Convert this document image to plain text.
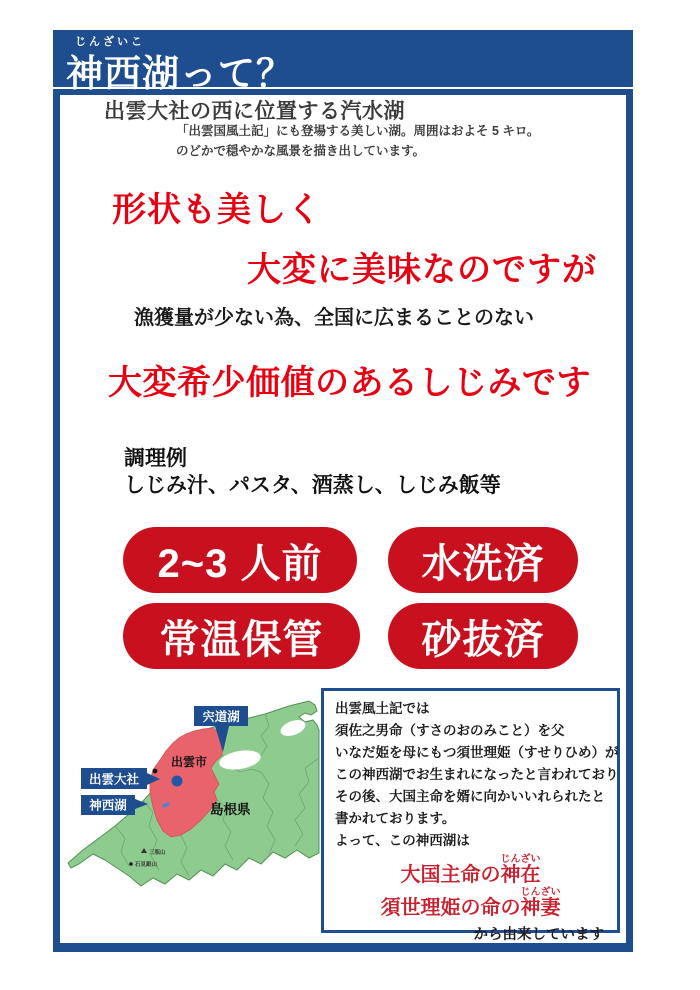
じんざいこ
神西湖って？
出雲大社の西に位置する汽水湖
「出雲国風土記」にも登場する美しい湖。周囲はおよそ 5 キロ。
のどかで穏やかな風景を描き出しています。
形状も美しく
大変に美味なのですが
漁獲量が少ない為、全国に広まることのない
大変希少価値のあるしじみです
調理例
しじみ汁、パスタ、酒蒸し、しじみ飯等
2~3 人前	水洗済
常温保管	砂抜済
出雲市
島根県
三瓶山
石見銀山
宍道湖
出雲大社
神西湖
出雲風土記では
須佐之男命（すさのおのみこと）を父
いなだ姫を母にもつ須世理姫（すせりひめ）が
この神西湖でお生まれになったと言われており
その後、大国主命を婿に向かいいれられたと
書かれております。
よって、この神西湖は
大国主命の神在じんざい
須世理姫の命の神妻じんざい
から由来しています
